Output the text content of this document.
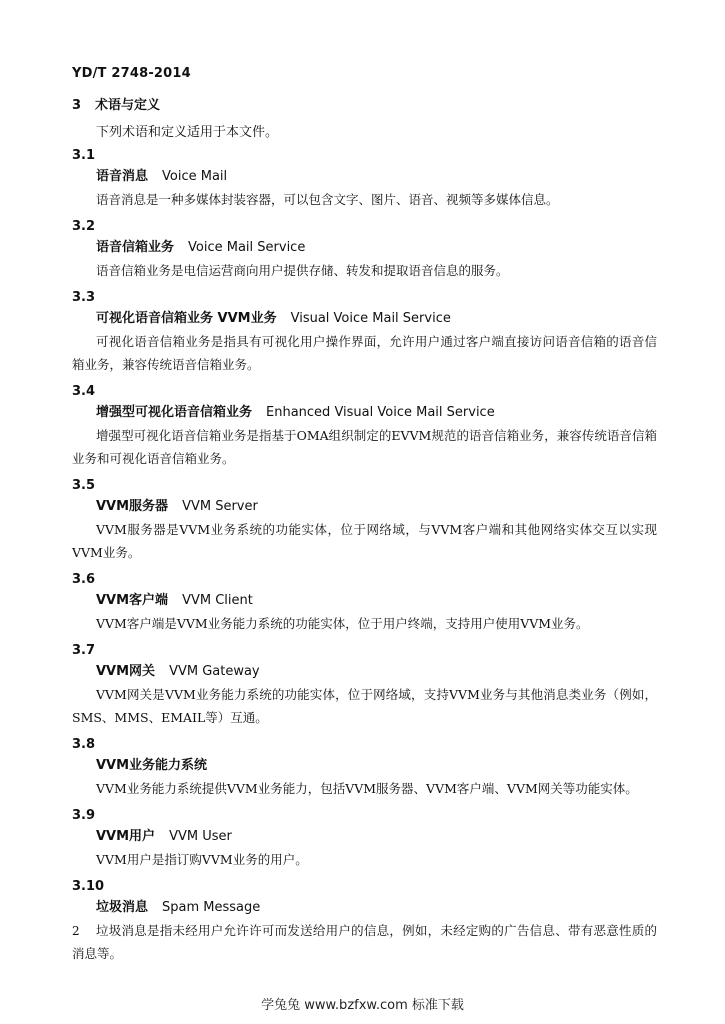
YD/T 2748-2014
3 术语与定义
下列术语和定义适用于本文件。
3.1
语音消息 Voice Mail
语音消息是一种多媒体封装容器，可以包含文字、图片、语音、视频等多媒体信息。
3.2
语音信箱业务 Voice Mail Service
语音信箱业务是电信运营商向用户提供存储、转发和提取语音信息的服务。
3.3
可视化语音信箱业务 VVM业务 Visual Voice Mail Service
可视化语音信箱业务是指具有可视化用户操作界面，允许用户通过客户端直接访问语音信箱的语音信箱业务，兼容传统语音信箱业务。
3.4
增强型可视化语音信箱业务 Enhanced Visual Voice Mail Service
增强型可视化语音信箱业务是指基于OMA组织制定的EVVM规范的语音信箱业务，兼容传统语音信箱业务和可视化语音信箱业务。
3.5
VVM服务器 VVM Server
VVM服务器是VVM业务系统的功能实体，位于网络域，与VVM客户端和其他网络实体交互以实现VVM业务。
3.6
VVM客户端 VVM Client
VVM客户端是VVM业务能力系统的功能实体，位于用户终端，支持用户使用VVM业务。
3.7
VVM网关 VVM Gateway
VVM网关是VVM业务能力系统的功能实体，位于网络域，支持VVM业务与其他消息类业务（例如，SMS、MMS、EMAIL等）互通。
3.8
VVM业务能力系统
VVM业务能力系统提供VVM业务能力，包括VVM服务器、VVM客户端、VVM网关等功能实体。
3.9
VVM用户 VVM User
VVM用户是指订购VVM业务的用户。
3.10
垃圾消息 Spam Message
垃圾消息是指未经用户允许许可而发送给用户的信息，例如，未经定购的广告信息、带有恶意性质的消息等。
2
学兔兔 www.bzfxw.com 标准下载
